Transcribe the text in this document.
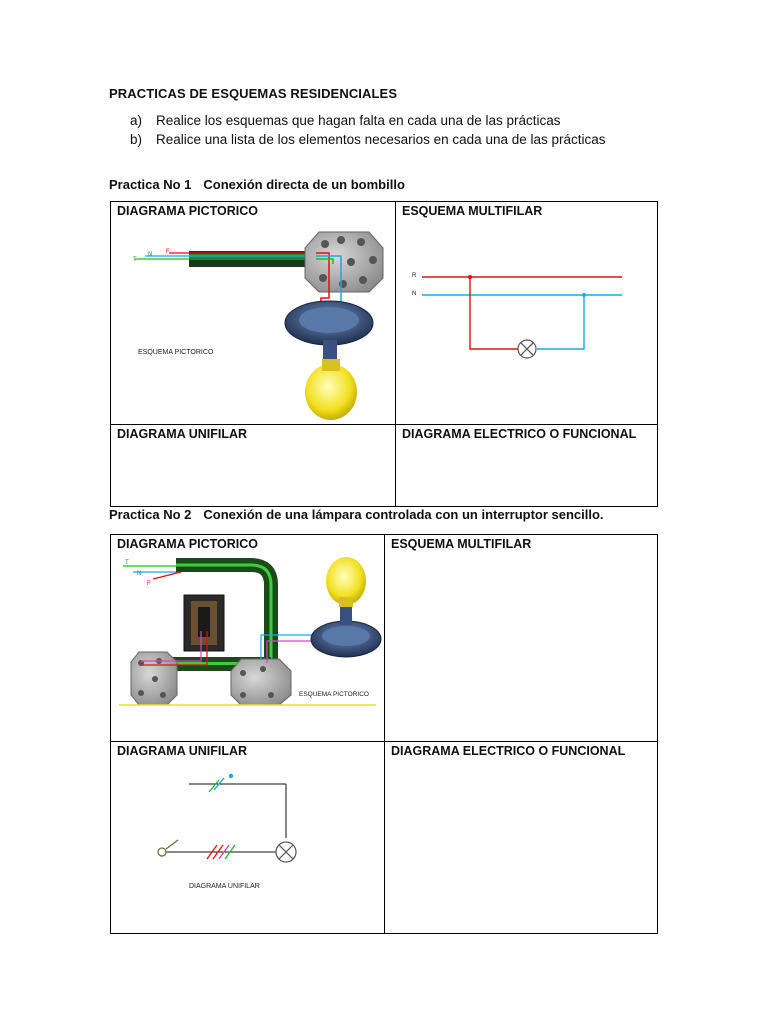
PRACTICAS DE ESQUEMAS RESIDENCIALES
a) Realice los esquemas que hagan falta en cada una de las prácticas
b) Realice una lista de los elementos necesarios en cada una de las prácticas
Practica No 1 Conexión directa de un bombillo
DIAGRAMA PICTORICO
T
N F
ESQUEMA PICTORICO
ESQUEMA MULTIFILAR
R
N
DIAGRAMA UNIFILAR	DIAGRAMA ELECTRICO O FUNCIONAL
Practica No 2 Conexión de una lámpara controlada con un interruptor sencillo.
DIAGRAMA PICTORICO
T
N
F
ESQUEMA PICTORICO
ESQUEMA MULTIFILAR
DIAGRAMA UNIFILAR
DIAGRAMA UNIFILAR
DIAGRAMA ELECTRICO O FUNCIONAL
